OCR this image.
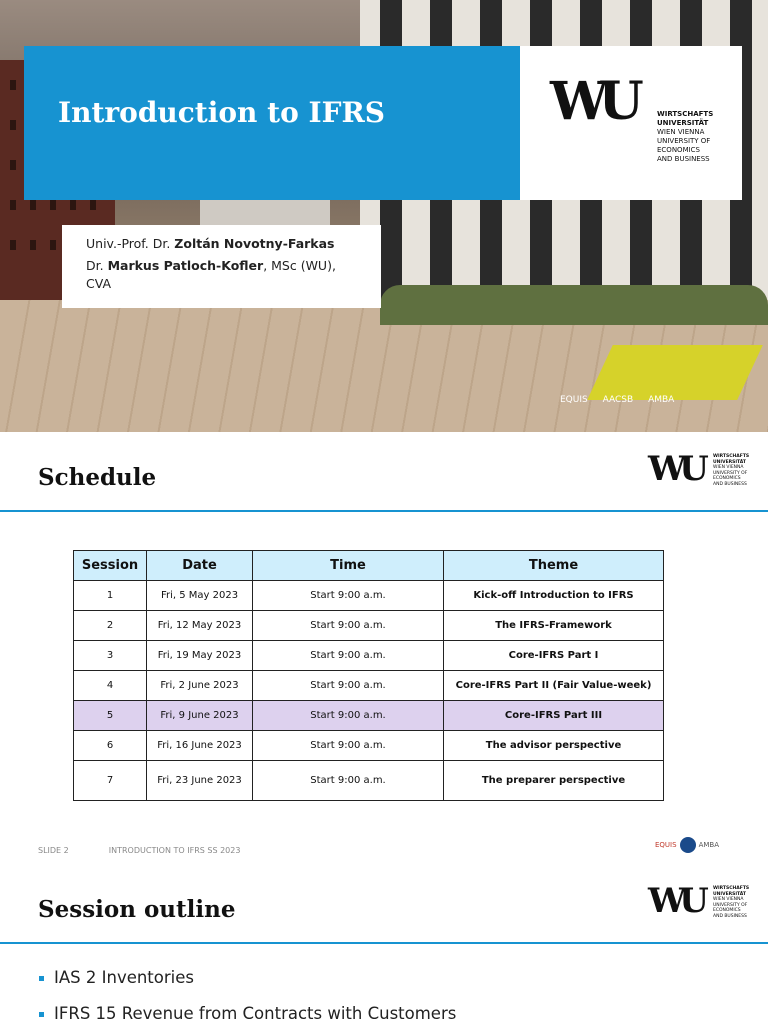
Introduction to IFRS	WU	WIRTSCHAFTS
UNIVERSITÄT
WIEN VIENNA
UNIVERSITY OF
ECONOMICS
AND BUSINESS

Univ.-Prof. Dr. Zoltán Novotny-Farkas

Dr. Markus Patloch-Kofler, MSc (WU), CVA

EQUIS AACSB AMBA
Schedule	WU WIRTSCHAFTS
UNIVERSITÄT
WIEN VIENNA
UNIVERSITY OF
ECONOMICS
AND BUSINESS
Session	Date	Time	Theme
1	Fri, 5 May 2023	Start 9:00 a.m.	Kick-off Introduction to IFRS
2	Fri, 12 May 2023	Start 9:00 a.m.	The IFRS-Framework
3	Fri, 19 May 2023	Start 9:00 a.m.	Core-IFRS Part I
4	Fri, 2 June 2023	Start 9:00 a.m.	Core-IFRS Part II (Fair Value-week)
5	Fri, 9 June 2023	Start 9:00 a.m.	Core-IFRS Part III
6	Fri, 16 June 2023	Start 9:00 a.m.	The advisor perspective
7	Fri, 23 June 2023	Start 9:00 a.m.	The preparer perspective
SLIDE 2	INTRODUCTION TO IFRS SS 2023
EQUIS	AMBA
Session outline	WU WIRTSCHAFTS
UNIVERSITÄT
WIEN VIENNA
UNIVERSITY OF
ECONOMICS
AND BUSINESS
IAS 2 Inventories
IFRS 15 Revenue from Contracts with Customers
